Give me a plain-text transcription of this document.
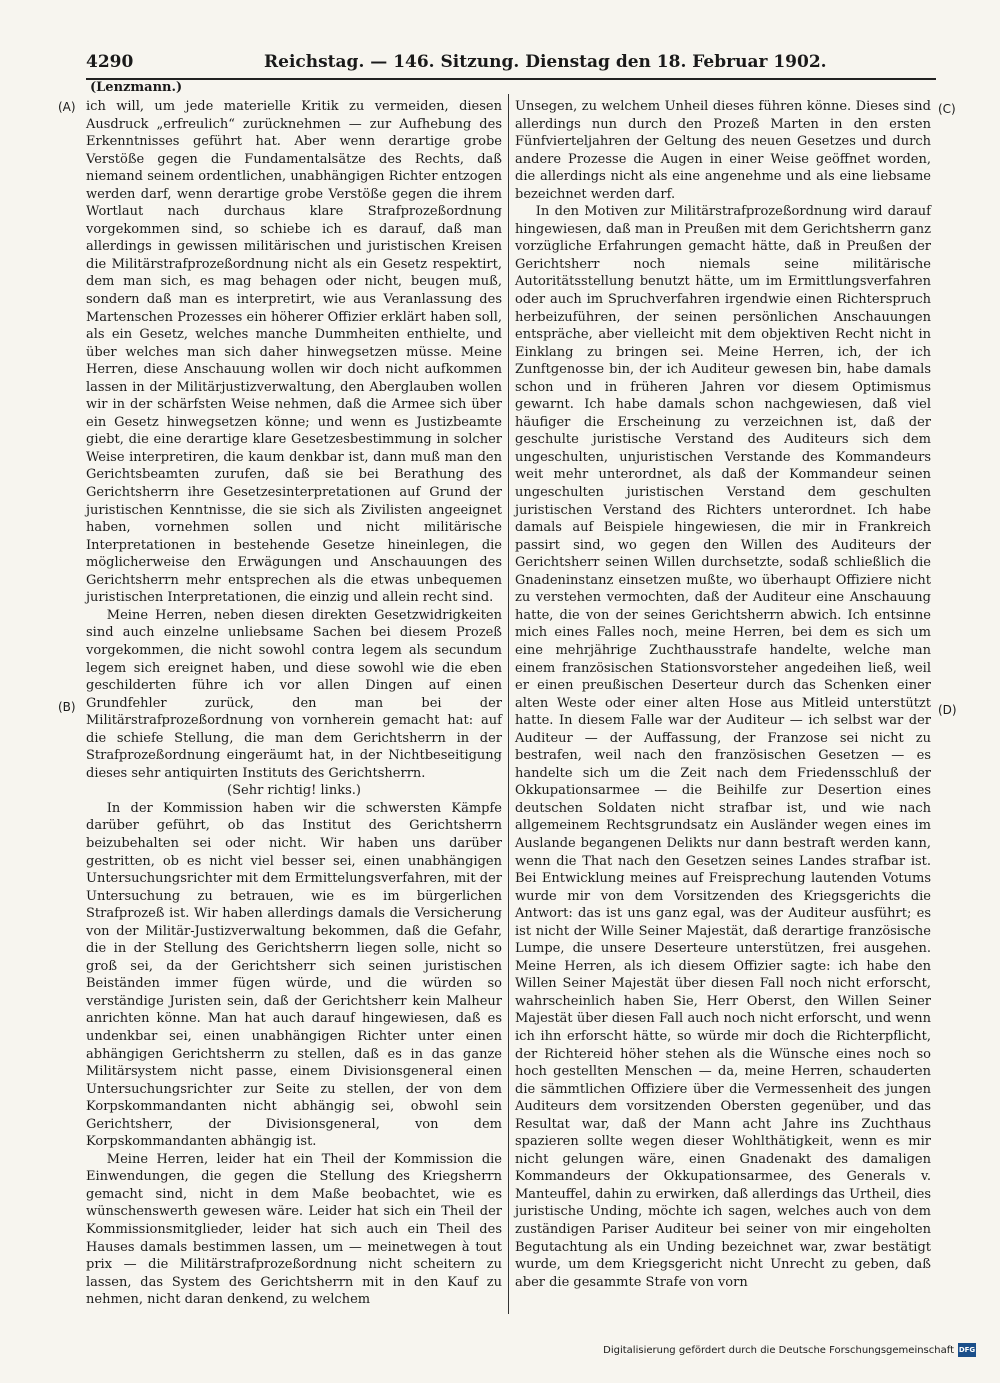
4290	Reichstag. — 146. Sitzung. Dienstag den 18. Februar 1902.
(Lenzmann.)
(A)
(B)
(C)
(D)

ich will, um jede materielle Kritik zu vermeiden, diesen Ausdruck „erfreulich“ zurücknehmen — zur Aufhebung des Erkenntnisses geführt hat. Aber wenn derartige grobe Verstöße gegen die Fundamentalsätze des Rechts, daß niemand seinem ordentlichen, unabhängigen Richter entzogen werden darf, wenn derartige grobe Verstöße gegen die ihrem Wortlaut nach durchaus klare Strafprozeßordnung vorgekommen sind, so schiebe ich es darauf, daß man allerdings in gewissen militärischen und juristischen Kreisen die Militärstrafprozeßordnung nicht als ein Gesetz respektirt, dem man sich, es mag behagen oder nicht, beugen muß, sondern daß man es interpretirt, wie aus Veranlassung des Martenschen Prozesses ein höherer Offizier erklärt haben soll, als ein Gesetz, welches manche Dummheiten enthielte, und über welches man sich daher hinwegsetzen müsse. Meine Herren, diese Anschauung wollen wir doch nicht aufkommen lassen in der Militärjustizverwaltung, den Aberglauben wollen wir in der schärfsten Weise nehmen, daß die Armee sich über ein Gesetz hinwegsetzen könne; und wenn es Justizbeamte giebt, die eine derartige klare Gesetzesbestimmung in solcher Weise interpretiren, die kaum denkbar ist, dann muß man den Gerichtsbeamten zurufen, daß sie bei Berathung des Gerichtsherrn ihre Gesetzesinterpretationen auf Grund der juristischen Kenntnisse, die sie sich als Zivilisten angeeignet haben, vornehmen sollen und nicht militärische Interpretationen in bestehende Gesetze hineinlegen, die möglicherweise den Erwägungen und Anschauungen des Gerichtsherrn mehr entsprechen als die etwas unbequemen juristischen Interpretationen, die einzig und allein recht sind.

Meine Herren, neben diesen direkten Gesetzwidrigkeiten sind auch einzelne unliebsame Sachen bei diesem Prozeß vorgekommen, die nicht sowohl contra legem als secundum legem sich ereignet haben, und diese sowohl wie die eben geschilderten führe ich vor allen Dingen auf einen Grundfehler zurück, den man bei der Militärstrafprozeßordnung von vornherein gemacht hat: auf die schiefe Stellung, die man dem Gerichtsherrn in der Strafprozeßordnung eingeräumt hat, in der Nichtbeseitigung dieses sehr antiquirten Instituts des Gerichtsherrn.

(Sehr richtig! links.)

In der Kommission haben wir die schwersten Kämpfe darüber geführt, ob das Institut des Gerichtsherrn beizubehalten sei oder nicht. Wir haben uns darüber gestritten, ob es nicht viel besser sei, einen unabhängigen Untersuchungsrichter mit dem Ermittelungsverfahren, mit der Untersuchung zu betrauen, wie es im bürgerlichen Strafprozeß ist. Wir haben allerdings damals die Versicherung von der Militär-Justizverwaltung bekommen, daß die Gefahr, die in der Stellung des Gerichtsherrn liegen solle, nicht so groß sei, da der Gerichtsherr sich seinen juristischen Beiständen immer fügen würde, und die würden so verständige Juristen sein, daß der Gerichtsherr kein Malheur anrichten könne. Man hat auch darauf hingewiesen, daß es undenkbar sei, einen unabhängigen Richter unter einen abhängigen Gerichtsherrn zu stellen, daß es in das ganze Militärsystem nicht passe, einem Divisionsgeneral einen Untersuchungsrichter zur Seite zu stellen, der von dem Korpskommandanten nicht abhängig sei, obwohl sein Gerichtsherr, der Divisionsgeneral, von dem Korpskommandanten abhängig ist.

Meine Herren, leider hat ein Theil der Kommission die Einwendungen, die gegen die Stellung des Kriegsherrn gemacht sind, nicht in dem Maße beobachtet, wie es wünschenswerth gewesen wäre. Leider hat sich ein Theil der Kommissionsmitglieder, leider hat sich auch ein Theil des Hauses damals bestimmen lassen, um — meinetwegen à tout prix — die Militärstrafprozeßordnung nicht scheitern zu lassen, das System des Gerichtsherrn mit in den Kauf zu nehmen, nicht daran denkend, zu welchem

Unsegen, zu welchem Unheil dieses führen könne. Dieses sind allerdings nun durch den Prozeß Marten in den ersten Fünfvierteljahren der Geltung des neuen Gesetzes und durch andere Prozesse die Augen in einer Weise geöffnet worden, die allerdings nicht als eine angenehme und als eine liebsame bezeichnet werden darf.

In den Motiven zur Militärstrafprozeßordnung wird darauf hingewiesen, daß man in Preußen mit dem Gerichtsherrn ganz vorzügliche Erfahrungen gemacht hätte, daß in Preußen der Gerichtsherr noch niemals seine militärische Autoritätsstellung benutzt hätte, um im Ermittlungsverfahren oder auch im Spruchverfahren irgendwie einen Richterspruch herbeizuführen, der seinen persönlichen Anschauungen entspräche, aber vielleicht mit dem objektiven Recht nicht in Einklang zu bringen sei. Meine Herren, ich, der ich Zunftgenosse bin, der ich Auditeur gewesen bin, habe damals schon und in früheren Jahren vor diesem Optimismus gewarnt. Ich habe damals schon nachgewiesen, daß viel häufiger die Erscheinung zu verzeichnen ist, daß der geschulte juristische Verstand des Auditeurs sich dem ungeschulten, unjuristischen Verstande des Kommandeurs weit mehr unterordnet, als daß der Kommandeur seinen ungeschulten juristischen Verstand dem geschulten juristischen Verstand des Richters unterordnet. Ich habe damals auf Beispiele hingewiesen, die mir in Frankreich passirt sind, wo gegen den Willen des Auditeurs der Gerichtsherr seinen Willen durchsetzte, sodaß schließlich die Gnadeninstanz einsetzen mußte, wo überhaupt Offiziere nicht zu verstehen vermochten, daß der Auditeur eine Anschauung hatte, die von der seines Gerichtsherrn abwich. Ich entsinne mich eines Falles noch, meine Herren, bei dem es sich um eine mehrjährige Zuchthausstrafe handelte, welche man einem französischen Stationsvorsteher angedeihen ließ, weil er einen preußischen Deserteur durch das Schenken einer alten Weste oder einer alten Hose aus Mitleid unterstützt hatte. In diesem Falle war der Auditeur — ich selbst war der Auditeur — der Auffassung, der Franzose sei nicht zu bestrafen, weil nach den französischen Gesetzen — es handelte sich um die Zeit nach dem Friedensschluß der Okkupationsarmee — die Beihilfe zur Desertion eines deutschen Soldaten nicht strafbar ist, und wie nach allgemeinem Rechtsgrundsatz ein Ausländer wegen eines im Auslande begangenen Delikts nur dann bestraft werden kann, wenn die That nach den Gesetzen seines Landes strafbar ist. Bei Entwicklung meines auf Freisprechung lautenden Votums wurde mir von dem Vorsitzenden des Kriegsgerichts die Antwort: das ist uns ganz egal, was der Auditeur ausführt; es ist nicht der Wille Seiner Majestät, daß derartige französische Lumpe, die unsere Deserteure unterstützen, frei ausgehen. Meine Herren, als ich diesem Offizier sagte: ich habe den Willen Seiner Majestät über diesen Fall noch nicht erforscht, wahrscheinlich haben Sie, Herr Oberst, den Willen Seiner Majestät über diesen Fall auch noch nicht erforscht, und wenn ich ihn erforscht hätte, so würde mir doch die Richterpflicht, der Richtereid höher stehen als die Wünsche eines noch so hoch gestellten Menschen — da, meine Herren, schauderten die sämmtlichen Offiziere über die Vermessenheit des jungen Auditeurs dem vorsitzenden Obersten gegenüber, und das Resultat war, daß der Mann acht Jahre ins Zuchthaus spazieren sollte wegen dieser Wohlthätigkeit, wenn es mir nicht gelungen wäre, einen Gnadenakt des damaligen Kommandeurs der Okkupationsarmee, des Generals v. Manteuffel, dahin zu erwirken, daß allerdings das Urtheil, dies juristische Unding, möchte ich sagen, welches auch von dem zuständigen Pariser Auditeur bei seiner von mir eingeholten Begutachtung als ein Unding bezeichnet war, zwar bestätigt wurde, um dem Kriegsgericht nicht Unrecht zu geben, daß aber die gesammte Strafe von vorn

Digitalisierung gefördert durch die Deutsche Forschungsgemeinschaft DFG
